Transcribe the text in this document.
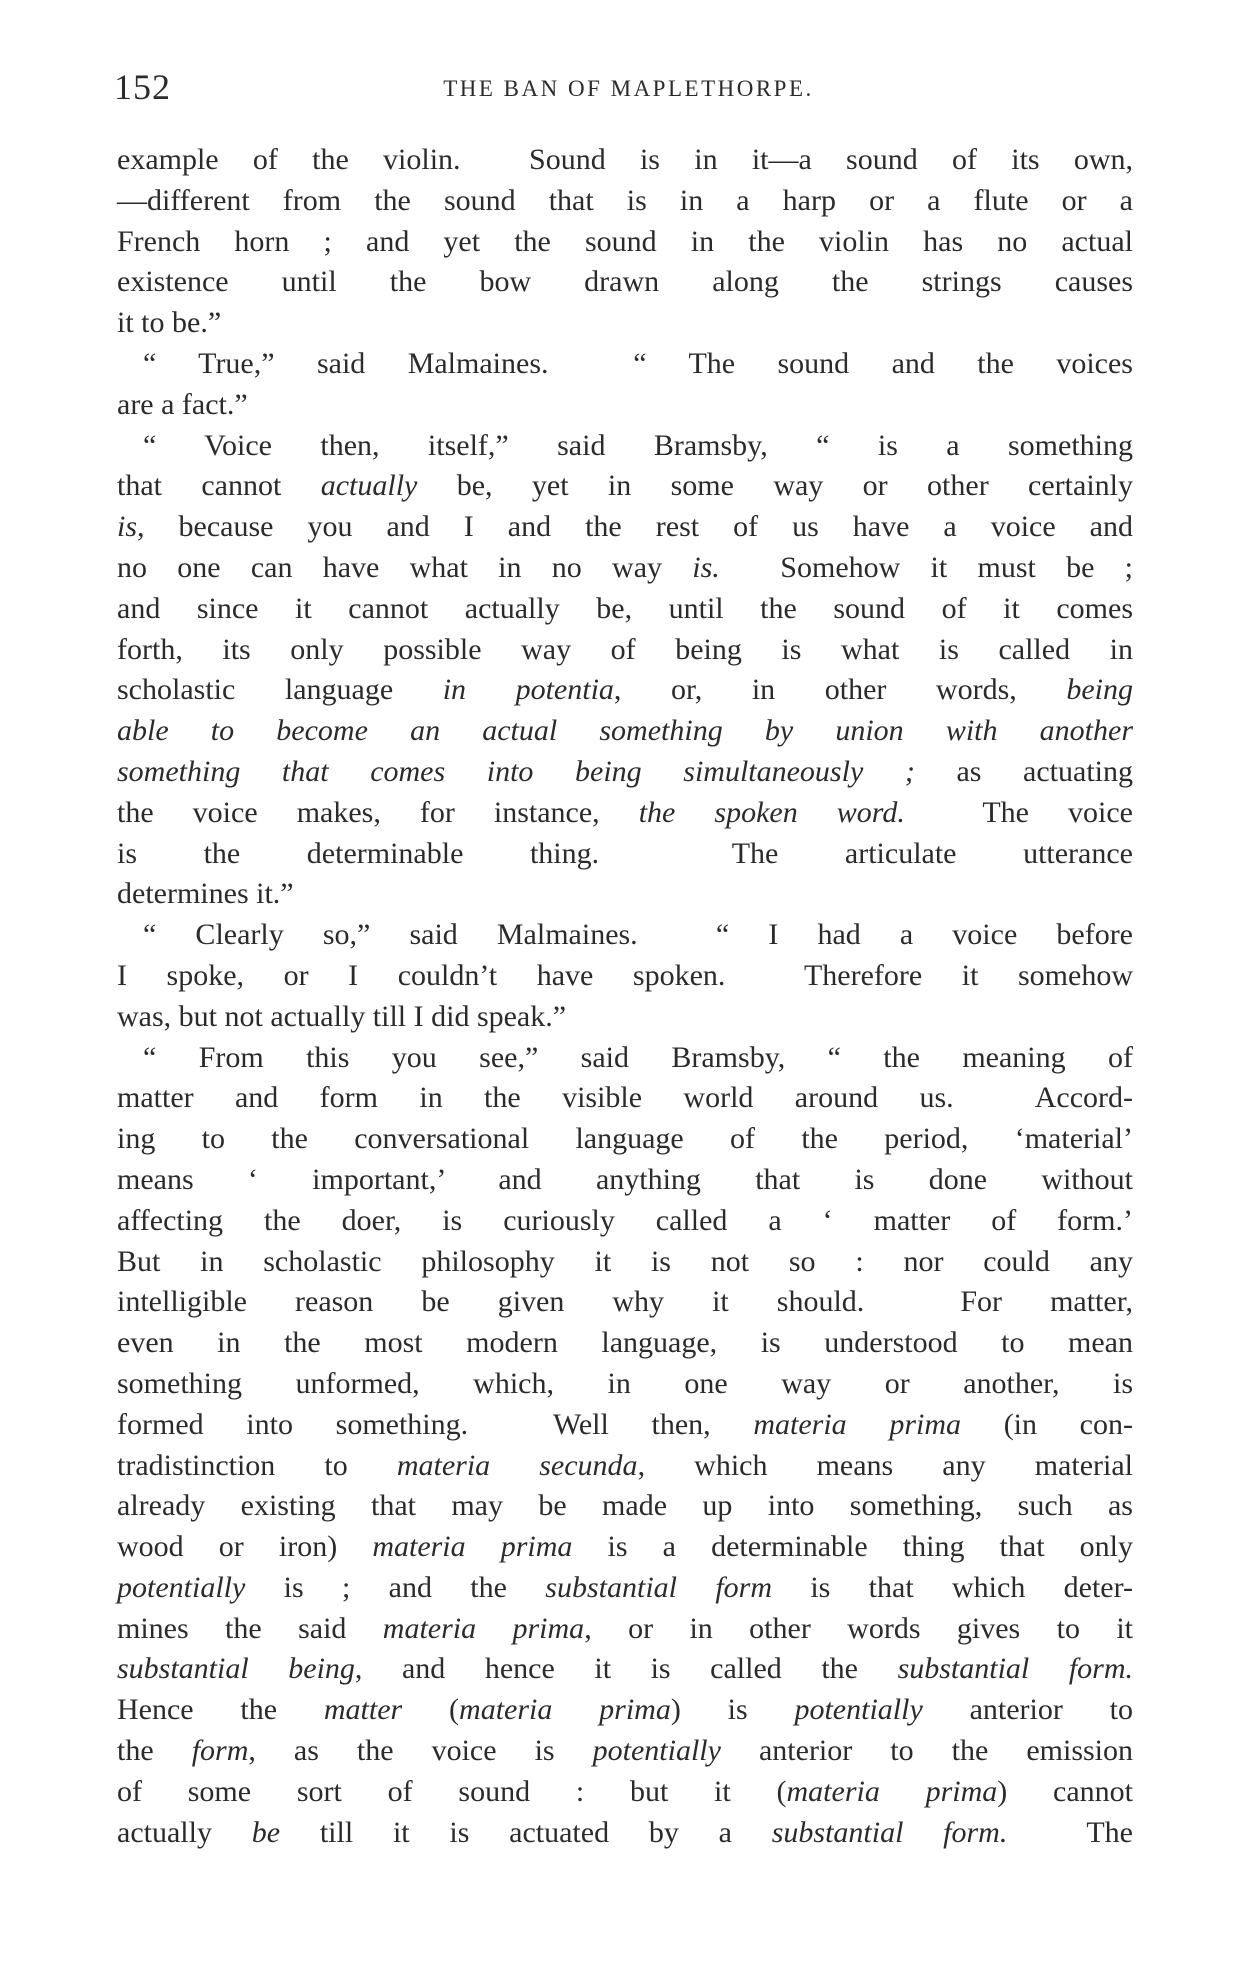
152	THE BAN OF MAPLETHORPE.
example of the violin.  Sound is in it—a sound of its own,
—different from the sound that is in a harp or a flute or a
French horn ; and yet the sound in the violin has no actual
existence until the bow drawn along the strings causes
it to be.”
“ True,” said Malmaines.  “ The sound and the voices
are a fact.”
“ Voice then, itself,” said Bramsby, “ is a something
that cannot actually be, yet in some way or other certainly
is, because you and I and the rest of us have a voice and
no one can have what in no way is.  Somehow it must be ;
and since it cannot actually be, until the sound of it comes
forth, its only possible way of being is what is called in
scholastic language in potentia, or, in other words, being
able to become an actual something by union with another
something that comes into being simultaneously ; as actuating
the voice makes, for instance, the spoken word.  The voice
is the determinable thing.  The articulate utterance
determines it.”
“ Clearly so,” said Malmaines.  “ I had a voice before
I spoke, or I couldn’t have spoken.  Therefore it somehow
was, but not actually till I did speak.”
“ From this you see,” said Bramsby, “ the meaning of
matter and form in the visible world around us.  Accord-
ing to the conversational language of the period, ‘material’
means ‘ important,’ and anything that is done without
affecting the doer, is curiously called a ‘ matter of form.’
But in scholastic philosophy it is not so : nor could any
intelligible reason be given why it should.  For matter,
even in the most modern language, is understood to mean
something unformed, which, in one way or another, is
formed into something.  Well then, materia prima (in con-
tradistinction to materia secunda, which means any material
already existing that may be made up into something, such as
wood or iron) materia prima is a determinable thing that only
potentially is ; and the substantial form is that which deter-
mines the said materia prima, or in other words gives to it
substantial being, and hence it is called the substantial form.
Hence the matter (materia prima) is potentially anterior to
the form, as the voice is potentially anterior to the emission
of some sort of sound : but it (materia prima) cannot
actually be till it is actuated by a substantial form.  The
